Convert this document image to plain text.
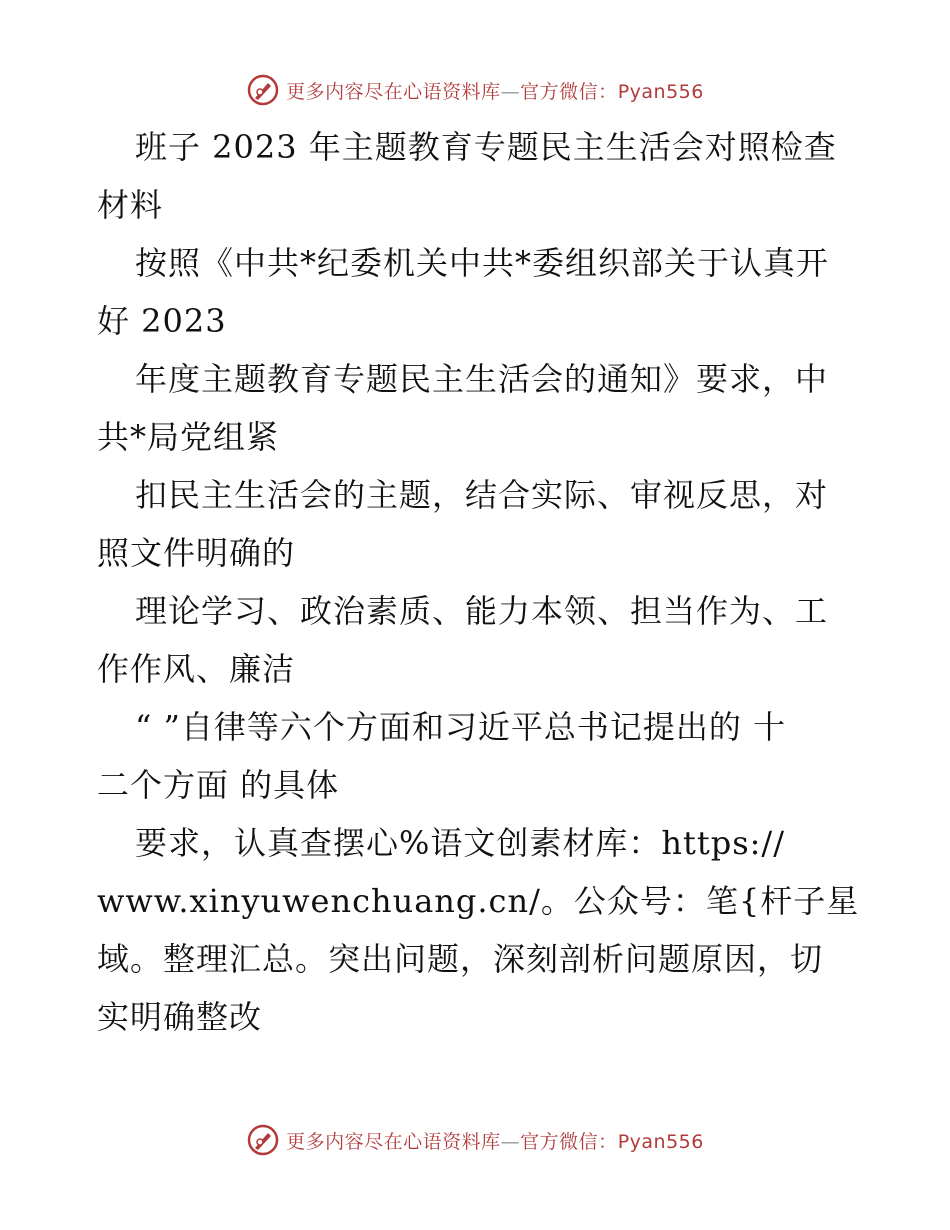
更多内容尽在心语资料库—官方微信：Pyan556
班子 2023 年主题教育专题民主生活会对照检查
材料
按照《中共*纪委机关中共*委组织部关于认真开
好 2023
年度主题教育专题民主生活会的通知》要求，中
共*局党组紧
扣民主生活会的主题，结合实际、审视反思，对
照文件明确的
理论学习、政治素质、能力本领、担当作为、工
作作风、廉洁
“ ”自律等六个方面和习近平总书记提出的 十
二个方面 的具体
要求，认真查摆心%语文创素材库：https://
www.xinyuwenchuang.cn/。公众号：笔{杆子星
域。整理汇总。突出问题，深刻剖析问题原因，切
实明确整改
更多内容尽在心语资料库—官方微信：Pyan556
